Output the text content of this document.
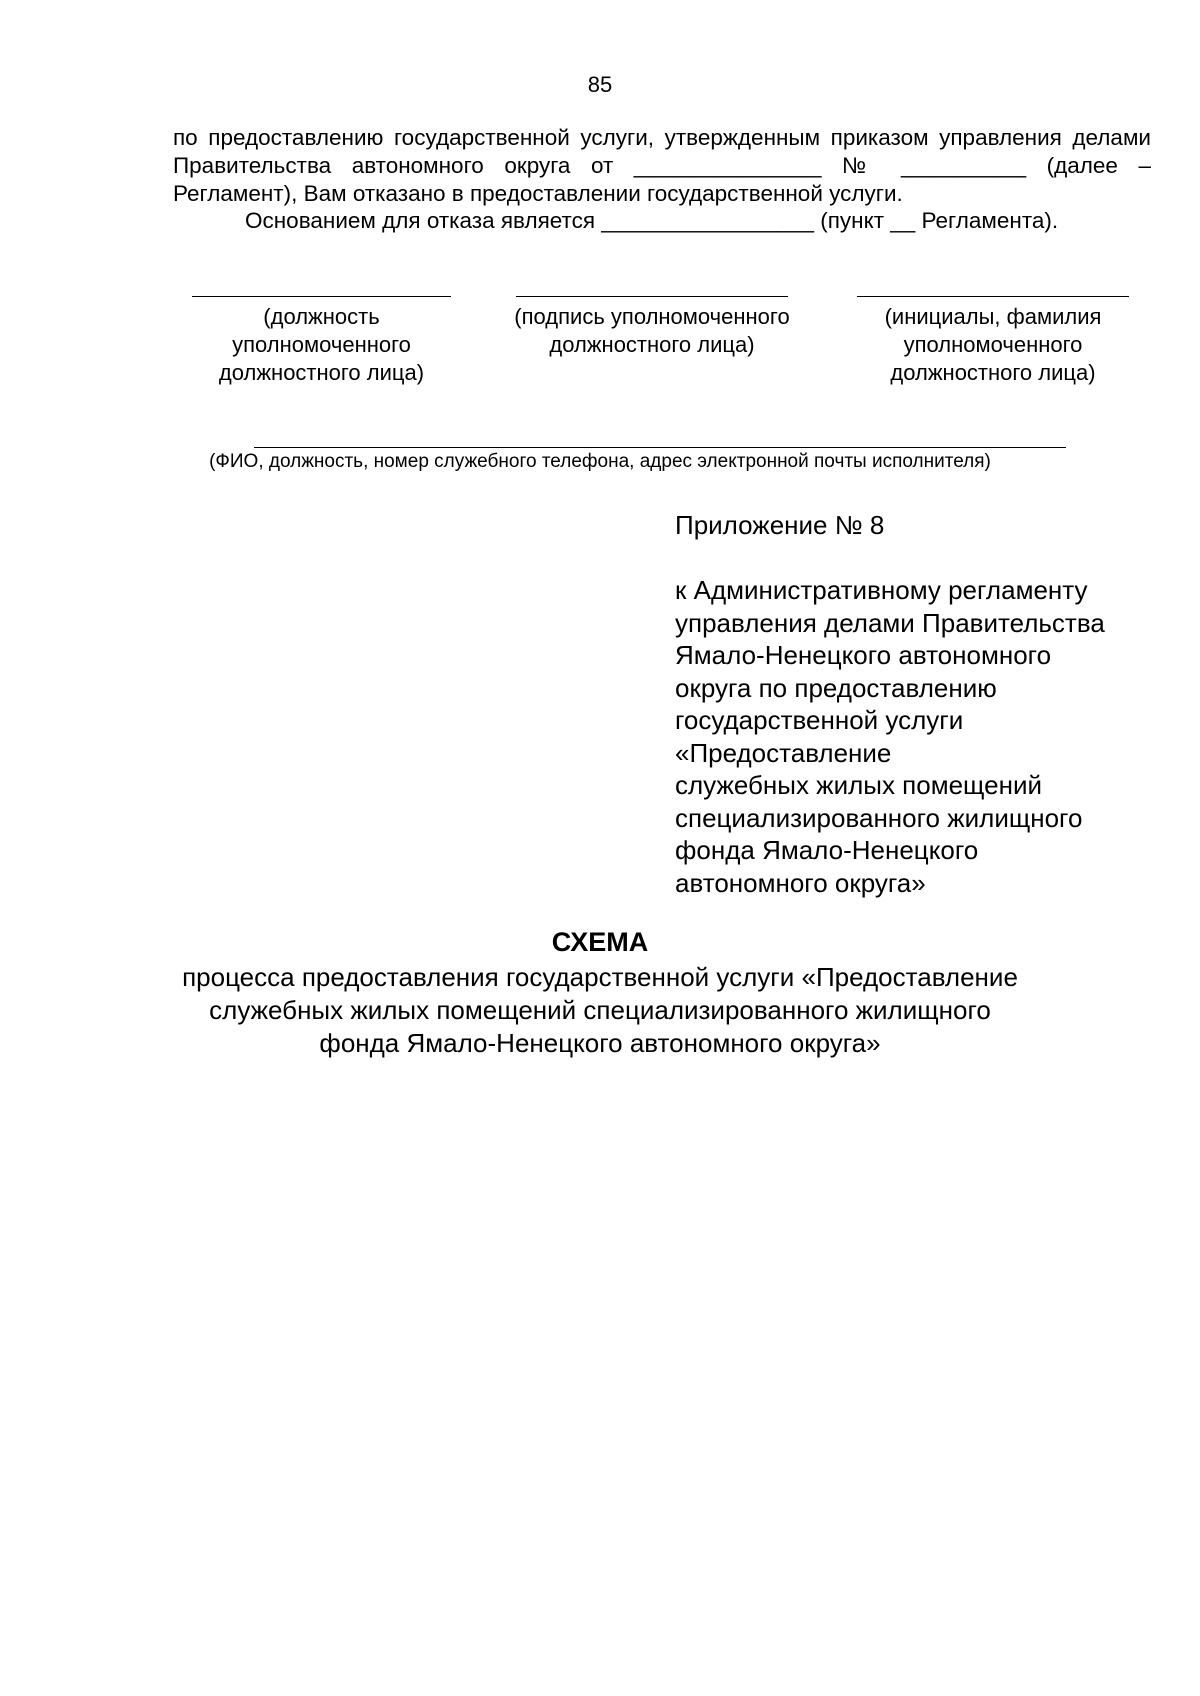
85
по предоставлению государственной услуги, утвержденным приказом управления делами Правительства автономного округа от _______________ № __________ (далее – Регламент), Вам отказано в предоставлении государственной услуги.
Основанием для отказа является _________________ (пункт __ Регламента).
(должность
уполномоченного
должностного лица)
(подпись уполномоченного
должностного лица)
(инициалы, фамилия
уполномоченного
должностного лица)
(ФИО, должность, номер служебного телефона, адрес электронной почты исполнителя)
Приложение № 8
к Административному регламенту
управления делами Правительства
Ямало-Ненецкого автономного
округа по предоставлению
государственной услуги
«Предоставление
служебных жилых помещений
специализированного жилищного
фонда Ямало-Ненецкого
автономного округа»
СХЕМА
процесса предоставления государственной услуги «Предоставление
служебных жилых помещений специализированного жилищного
фонда Ямало-Ненецкого автономного округа»
